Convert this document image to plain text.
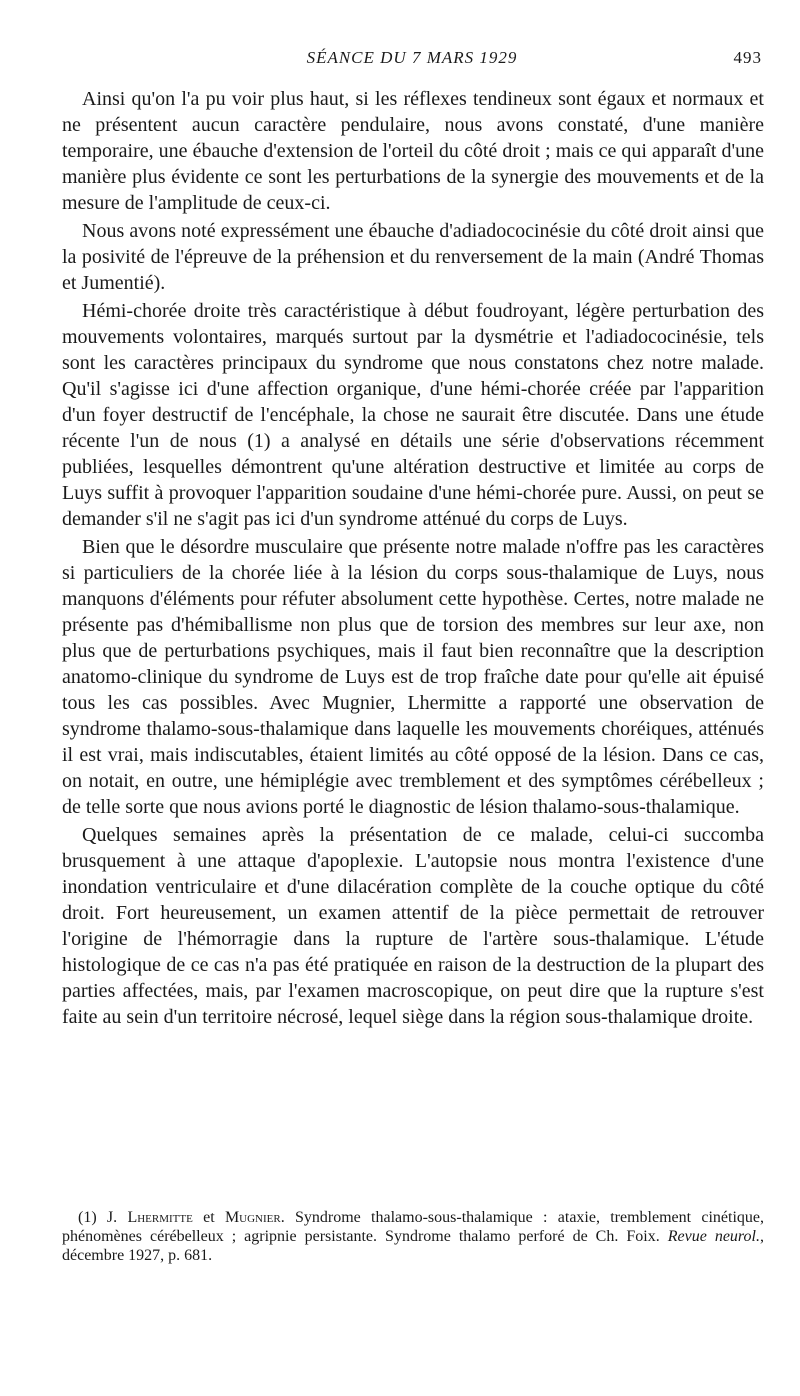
SÉANCE DU 7 MARS 1929	493

Ainsi qu'on l'a pu voir plus haut, si les réflexes tendineux sont égaux et normaux et ne présentent aucun caractère pendulaire, nous avons constaté, d'une manière temporaire, une ébauche d'extension de l'orteil du côté droit ; mais ce qui apparaît d'une manière plus évidente ce sont les perturbations de la synergie des mouvements et de la mesure de l'amplitude de ceux-ci.

Nous avons noté expressément une ébauche d'adiadococinésie du côté droit ainsi que la posivité de l'épreuve de la préhension et du renversement de la main (André Thomas et Jumentié).

Hémi-chorée droite très caractéristique à début foudroyant, légère perturbation des mouvements volontaires, marqués surtout par la dysmétrie et l'adiadococinésie, tels sont les caractères principaux du syndrome que nous constatons chez notre malade. Qu'il s'agisse ici d'une affection organique, d'une hémi-chorée créée par l'apparition d'un foyer destructif de l'encéphale, la chose ne saurait être discutée. Dans une étude récente l'un de nous (1) a analysé en détails une série d'observations récemment publiées, lesquelles démontrent qu'une altération destructive et limitée au corps de Luys suffit à provoquer l'apparition soudaine d'une hémi-chorée pure. Aussi, on peut se demander s'il ne s'agit pas ici d'un syndrome atténué du corps de Luys.

Bien que le désordre musculaire que présente notre malade n'offre pas les caractères si particuliers de la chorée liée à la lésion du corps sous-thalamique de Luys, nous manquons d'éléments pour réfuter absolument cette hypothèse. Certes, notre malade ne présente pas d'hémiballisme non plus que de torsion des membres sur leur axe, non plus que de perturbations psychiques, mais il faut bien reconnaître que la description anatomo-clinique du syndrome de Luys est de trop fraîche date pour qu'elle ait épuisé tous les cas possibles. Avec Mugnier, Lhermitte a rapporté une observation de syndrome thalamo-sous-thalamique dans laquelle les mouvements choréiques, atténués il est vrai, mais indiscutables, étaient limités au côté opposé de la lésion. Dans ce cas, on notait, en outre, une hémiplégie avec tremblement et des symptômes cérébelleux ; de telle sorte que nous avions porté le diagnostic de lésion thalamo-sous-thalamique.

Quelques semaines après la présentation de ce malade, celui-ci succomba brusquement à une attaque d'apoplexie. L'autopsie nous montra l'existence d'une inondation ventriculaire et d'une dilacération complète de la couche optique du côté droit. Fort heureusement, un examen attentif de la pièce permettait de retrouver l'origine de l'hémorragie dans la rupture de l'artère sous-thalamique. L'étude histologique de ce cas n'a pas été pratiquée en raison de la destruction de la plupart des parties affectées, mais, par l'examen macroscopique, on peut dire que la rupture s'est faite au sein d'un territoire nécrosé, lequel siège dans la région sous-thalamique droite.

(1) J. Lhermitte et Mugnier. Syndrome thalamo-sous-thalamique : ataxie, tremblement cinétique, phénomènes cérébelleux ; agripnie persistante. Syndrome thalamo perforé de Ch. Foix. Revue neurol., décembre 1927, p. 681.
